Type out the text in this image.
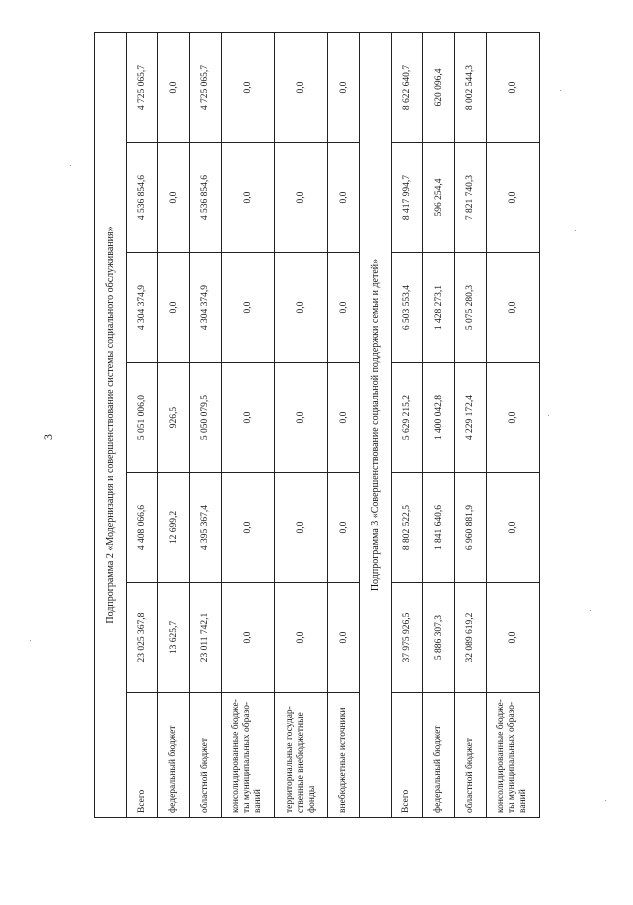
3	Подпрограмма 2 «Модернизация и совершенствование системы социального обслуживания»						
Всего	23 025 367,8	4 408 066,6	5 051 006,0	4 304 374,9	4 536 854,6	4 725 065,7
федеральный бюджет	13 625,7	12 699,2	926,5	0,0	0,0	0,0
областной бюджет	23 011 742,1	4 395 367,4	5 050 079,5	4 304 374,9	4 536 854,6	4 725 065,7
консолидированные бюдже-ты муниципальных образо-ваний	0,0	0,0	0,0	0,0	0,0	0,0
территориальные государ-ственные внебюджетные фонды	0,0	0,0	0,0	0,0	0,0	0,0
внебюджетные источники	0,0	0,0	0,0	0,0	0,0	0,0
Подпрограмма 3 «Совершенствование социальной поддержки семьи и детей»						
Всего	37 975 926,5	8 802 522,5	5 629 215,2	6 503 553,4	8 417 994,7	8 622 640,7
федеральный бюджет	5 886 307,3	1 841 640,6	1 400 042,8	1 428 273,1	596 254,4	620 096,4
областной бюджет	32 089 619,2	6 960 881,9	4 229 172,4	5 075 280,3	7 821 740,3	8 002 544,3
консолидированные бюдже-ты муниципальных образо-ваний	0,0	0,0	0,0	0,0	0,0	0,0
